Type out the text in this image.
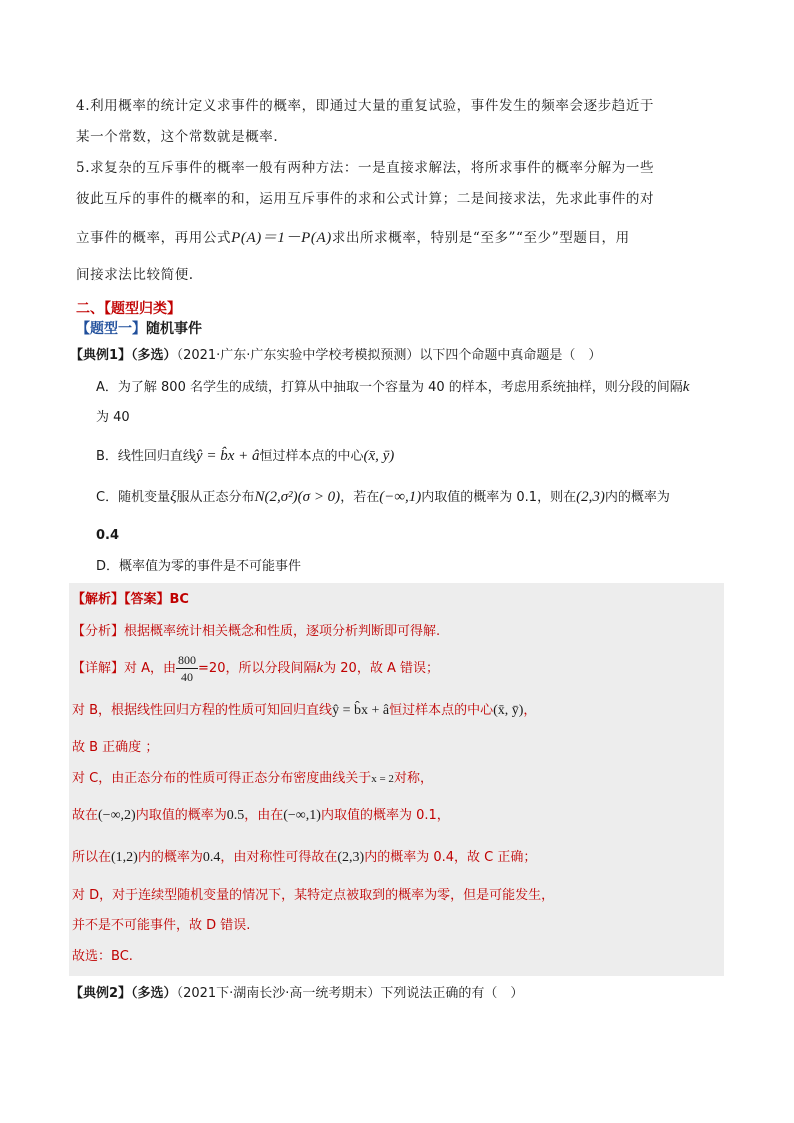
4.利用概率的统计定义求事件的概率，即通过大量的重复试验，事件发生的频率会逐步趋近于
某一个常数，这个常数就是概率.
5.求复杂的互斥事件的概率一般有两种方法：一是直接求解法，将所求事件的概率分解为一些
彼此互斥的事件的概率的和，运用互斥事件的求和公式计算；二是间接求法，先求此事件的对
立事件的概率，再用公式P(A)＝1－P(A)求出所求概率，特别是“至多”“至少”型题目，用
间接求法比较简便.
二、【题型归类】
【题型一】随机事件
【典例1】（多选）（2021·广东·广东实验中学校考模拟预测）以下四个命题中真命题是（　）
A．为了解 800 名学生的成绩，打算从中抽取一个容量为 40 的样本，考虑用系统抽样，则分段的间隔k
为 40
B．线性回归直线ŷ = b̂x + â恒过样本点的中心(x̄, ȳ)
C．随机变量ξ服从正态分布N(2,σ²)(σ > 0)，若在(−∞,1)内取值的概率为 0.1，则在(2,3)内的概率为
0.4
D．概率值为零的事件是不可能事件
【解析】【答案】BC
【分析】根据概率统计相关概念和性质，逐项分析判断即可得解.
【详解】对 A，由 $\frac{800}{40} =20$，所以分段间隔k为 20，故 A 错误；
对 B，根据线性回归方程的性质可知回归直线ŷ = b̂x + â恒过样本点的中心(x̄, ȳ)，
故 B 正确度 ；
对 C，由正态分布的性质可得正态分布密度曲线关于x = 2对称，
故在(−∞,2)内取值的概率为0.5，由在(−∞,1)内取值的概率为 0.1，
所以在(1,2)内的概率为0.4，由对称性可得故在(2,3)内的概率为 0.4，故 C 正确；
对 D，对于连续型随机变量的情况下，某特定点被取到的概率为零，但是可能发生，
并不是不可能事件，故 D 错误.
故选：BC.
【典例2】（多选）（2021下·湖南长沙·高一统考期末）下列说法正确的有（　）
